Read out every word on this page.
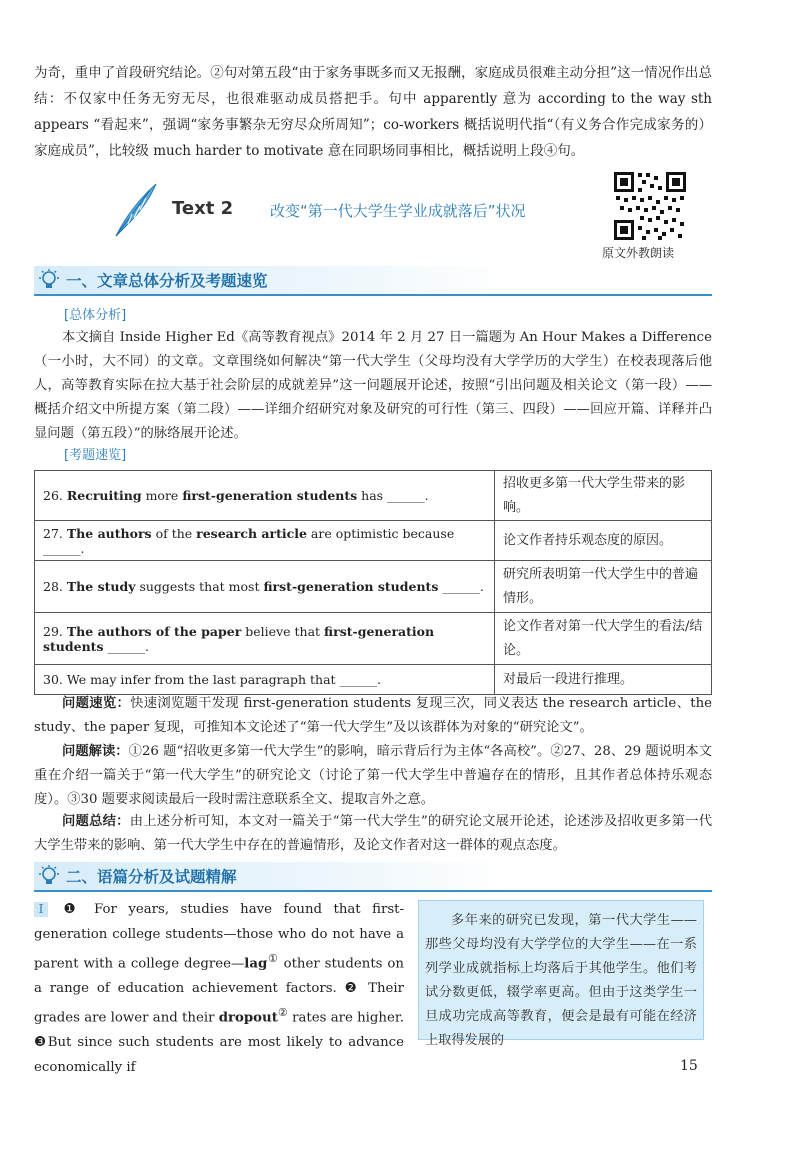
为奇，重申了首段研究结论。②句对第五段“由于家务事既多而又无报酬，家庭成员很难主动分担”这一情况作出总结：不仅家中任务无穷无尽，也很难驱动成员搭把手。句中 apparently 意为 according to the way sth appears “看起来”，强调“家务事繁杂无穷尽众所周知”；co-workers 概括说明代指“（有义务合作完成家务的）家庭成员”，比较级 much harder to motivate 意在同职场同事相比，概括说明上段④句。
Text 2 改变“第一代大学生学业成就落后”状况
原文外教朗读
一、文章总体分析及考题速览
[总体分析]
本文摘自 Inside Higher Ed《高等教育视点》2014 年 2 月 27 日一篇题为 An Hour Makes a Difference（一小时，大不同）的文章。文章围绕如何解决“第一代大学生（父母均没有大学学历的大学生）在校表现落后他人，高等教育实际在拉大基于社会阶层的成就差异”这一问题展开论述，按照“引出问题及相关论文（第一段）——概括介绍文中所提方案（第二段）——详细介绍研究对象及研究的可行性（第三、四段）——回应开篇、详释并凸显问题（第五段）”的脉络展开论述。
[考题速览]
26. Recruiting more first-generation students has ______.	招收更多第一代大学生带来的影响。
27. The authors of the research article are optimistic because ______.	论文作者持乐观态度的原因。
28. The study suggests that most first-generation students ______.	研究所表明第一代大学生中的普遍情形。
29. The authors of the paper believe that first-generation students ______.	论文作者对第一代大学生的看法/结论。
30. We may infer from the last paragraph that ______.	对最后一段进行推理。
问题速览：快速浏览题干发现 first-generation students 复现三次，同义表达 the research article、the study、the paper 复现，可推知本文论述了“第一代大学生”及以该群体为对象的“研究论文”。
问题解读：①26 题“招收更多第一代大学生”的影响，暗示背后行为主体“各高校”。②27、28、29 题说明本文重在介绍一篇关于“第一代大学生”的研究论文（讨论了第一代大学生中普遍存在的情形，且其作者总体持乐观态度）。③30 题要求阅读最后一段时需注意联系全文、提取言外之意。
问题总结：由上述分析可知，本文对一篇关于“第一代大学生”的研究论文展开论述，论述涉及招收更多第一代大学生带来的影响、第一代大学生中存在的普遍情形，及论文作者对这一群体的观点态度。
二、语篇分析及试题精解
I ❶ For years, studies have found that first-generation college students—those who do not have a parent with a college degree—lag① other students on a range of education achievement factors. ❷ Their grades are lower and their dropout② rates are higher. ❸But since such students are most likely to advance economically if
多年来的研究已发现，第一代大学生——那些父母均没有大学学位的大学生——在一系列学业成就指标上均落后于其他学生。他们考试分数更低，辍学率更高。但由于这类学生一旦成功完成高等教育，便会是最有可能在经济上取得发展的
15
